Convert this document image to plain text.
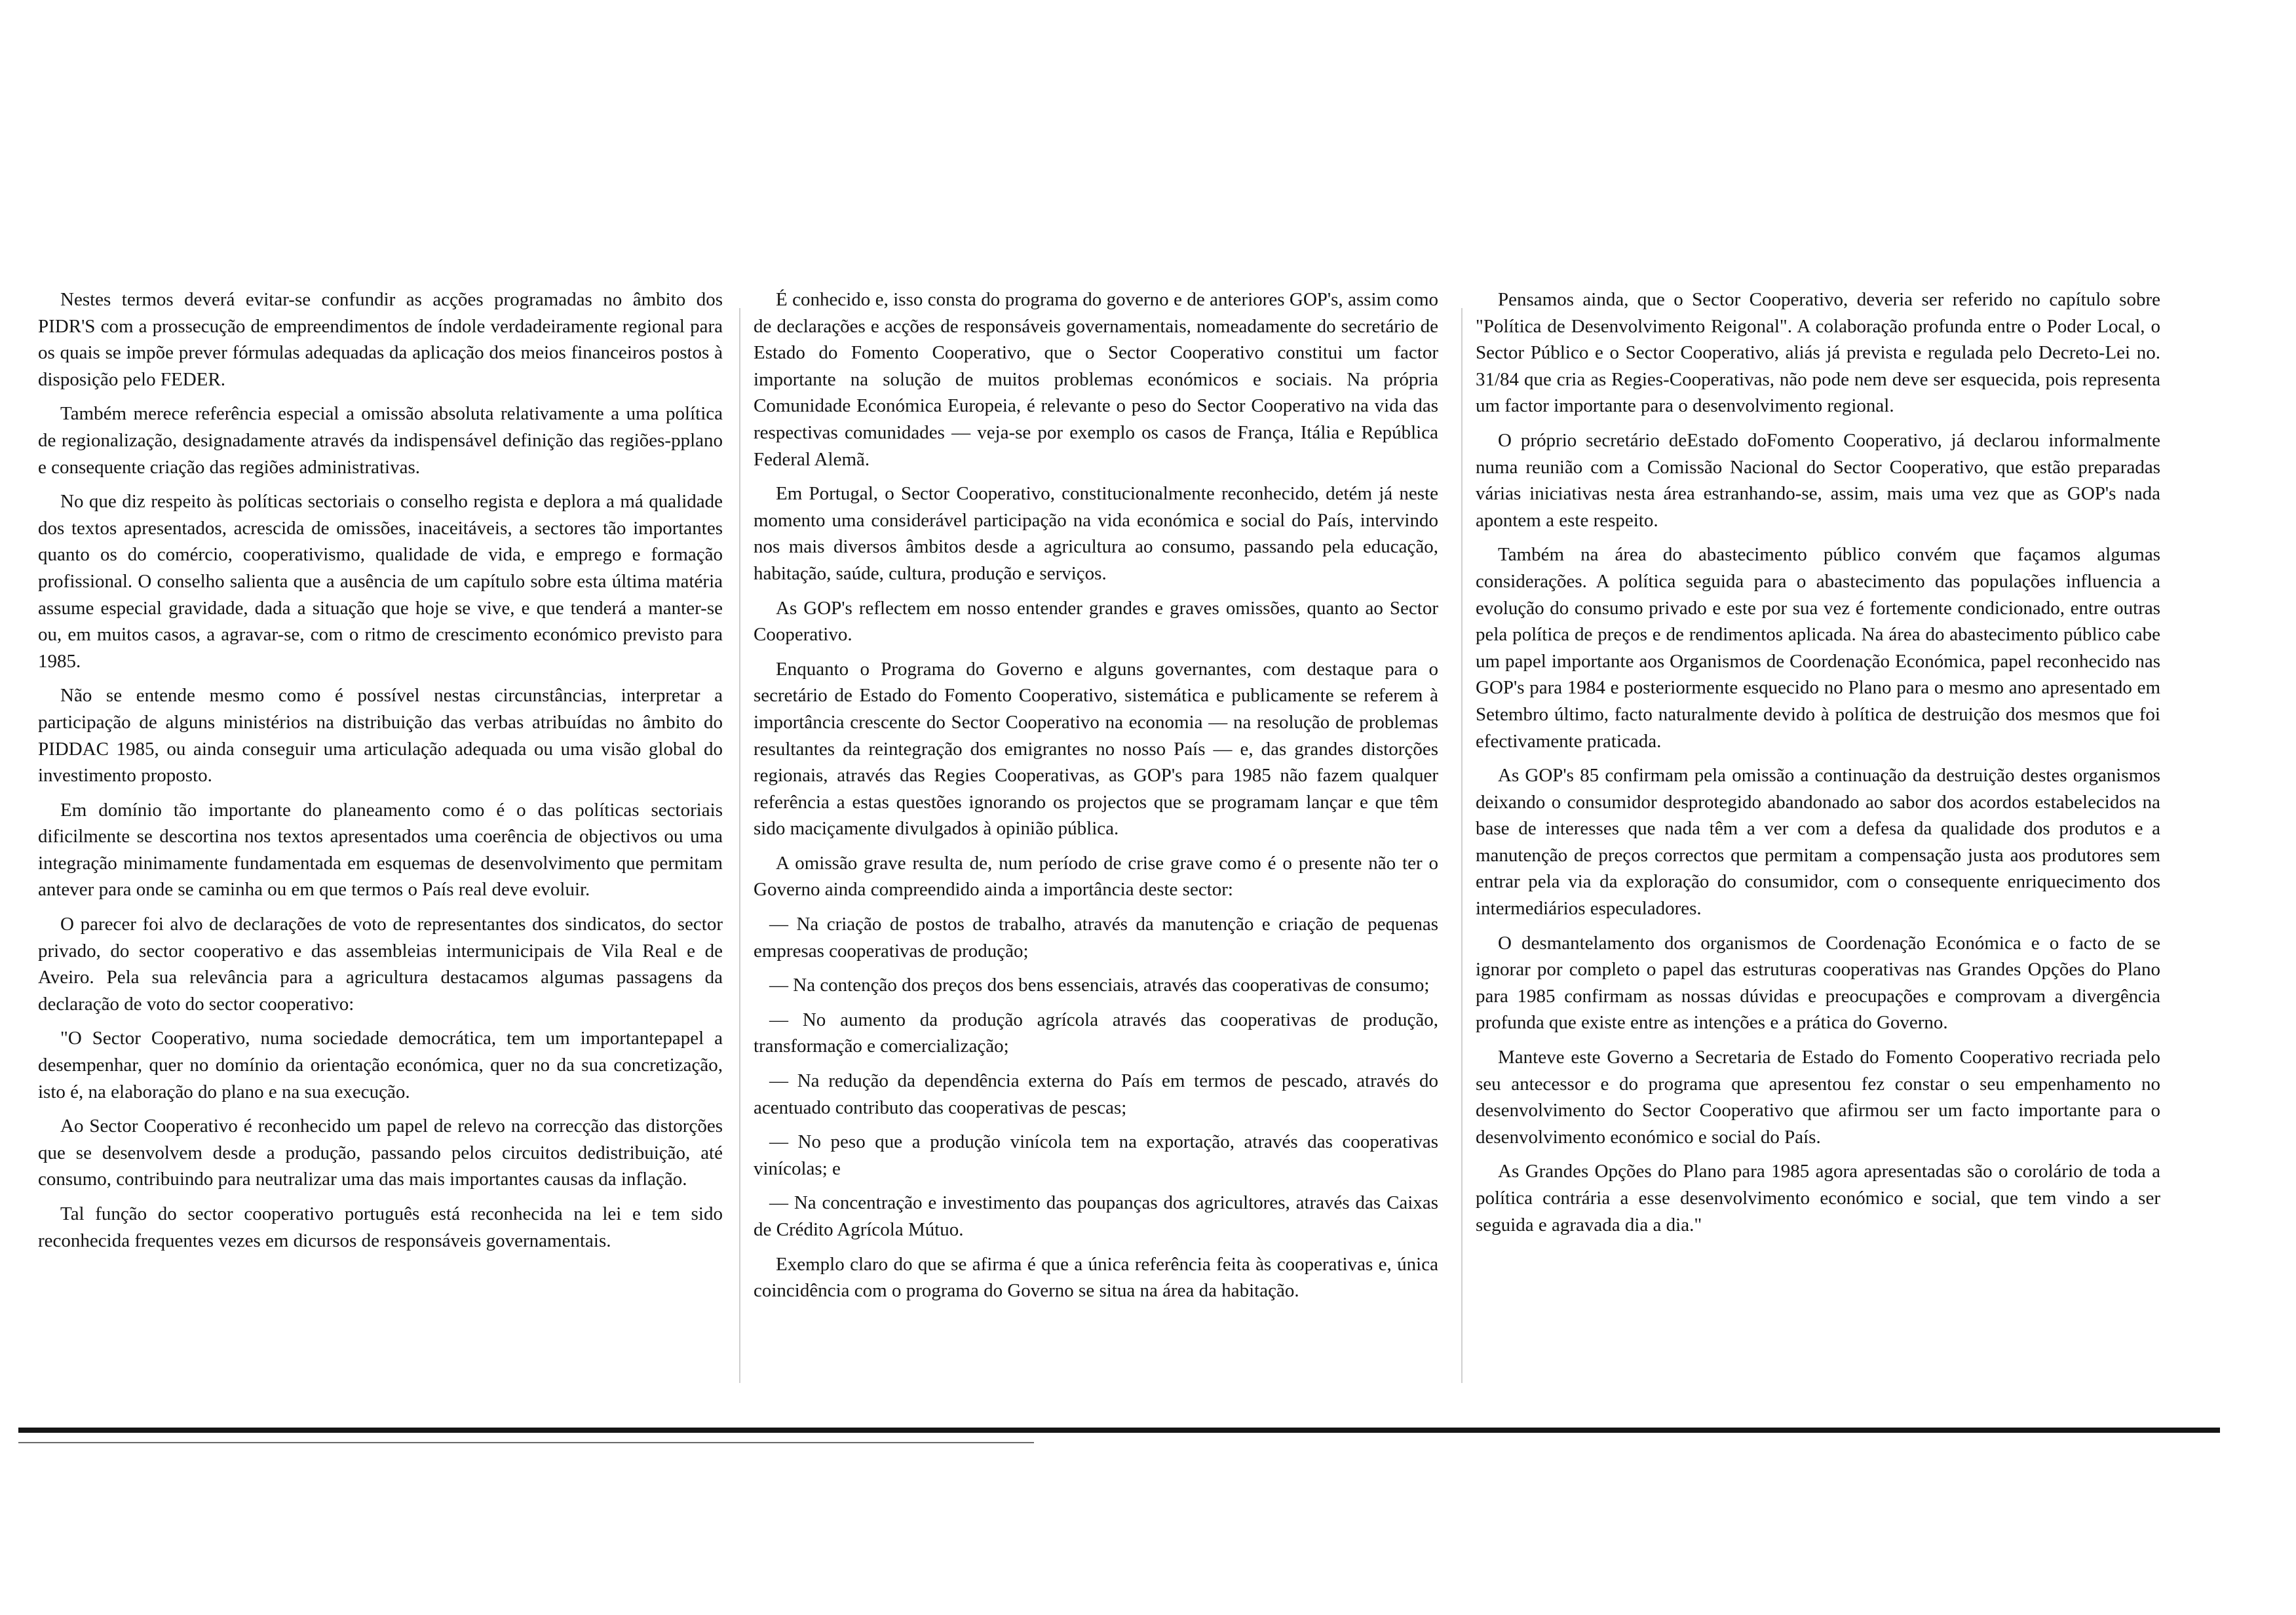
Nestes termos deverá evitar-se confundir as acções programadas no âmbito dos PIDR'S com a prossecução de empreendimentos de índole verdadeiramente regional para os quais se impõe prever fórmulas adequadas da aplicação dos meios financeiros postos à disposição pelo FEDER.

Também merece referência especial a omissão absoluta relativamente a uma política de regionalização, designadamente através da indispensável definição das regiões-pplano e consequente criação das regiões administrativas.

No que diz respeito às políticas sectoriais o conselho regista e deplora a má qualidade dos textos apresentados, acrescida de omissões, inaceitáveis, a sectores tão importantes quanto os do comércio, cooperativismo, qualidade de vida, e emprego e formação profissional. O conselho salienta que a ausência de um capítulo sobre esta última matéria assume especial gravidade, dada a situação que hoje se vive, e que tenderá a manter-se ou, em muitos casos, a agravar-se, com o ritmo de crescimento económico previsto para 1985.

Não se entende mesmo como é possível nestas circunstâncias, interpretar a participação de alguns ministérios na distribuição das verbas atribuídas no âmbito do PIDDAC 1985, ou ainda conseguir uma articulação adequada ou uma visão global do investimento proposto.

Em domínio tão importante do planeamento como é o das políticas sectoriais dificilmente se descortina nos textos apresentados uma coerência de objectivos ou uma integração minimamente fundamentada em esquemas de desenvolvimento que permitam antever para onde se caminha ou em que termos o País real deve evoluir.

O parecer foi alvo de declarações de voto de representantes dos sindicatos, do sector privado, do sector cooperativo e das assembleias intermunicipais de Vila Real e de Aveiro. Pela sua relevância para a agricultura destacamos algumas passagens da declaração de voto do sector cooperativo:

"O Sector Cooperativo, numa sociedade democrática, tem um importantepapel a desempenhar, quer no domínio da orientação económica, quer no da sua concretização, isto é, na elaboração do plano e na sua execução.

Ao Sector Cooperativo é reconhecido um papel de relevo na correcção das distorções que se desenvolvem desde a produção, passando pelos circuitos dedistribuição, até consumo, contribuindo para neutralizar uma das mais importantes causas da inflação.

Tal função do sector cooperativo português está reconhecida na lei e tem sido reconhecida frequentes vezes em dicursos de responsáveis governamentais.

É conhecido e, isso consta do programa do governo e de anteriores GOP's, assim como de declarações e acções de responsáveis governamentais, nomeadamente do secretário de Estado do Fomento Cooperativo, que o Sector Cooperativo constitui um factor importante na solução de muitos problemas económicos e sociais. Na própria Comunidade Económica Europeia, é relevante o peso do Sector Cooperativo na vida das respectivas comunidades — veja-se por exemplo os casos de França, Itália e República Federal Alemã.

Em Portugal, o Sector Cooperativo, constitucionalmente reconhecido, detém já neste momento uma considerável participação na vida económica e social do País, intervindo nos mais diversos âmbitos desde a agricultura ao consumo, passando pela educação, habitação, saúde, cultura, produção e serviços.

As GOP's reflectem em nosso entender grandes e graves omissões, quanto ao Sector Cooperativo.

Enquanto o Programa do Governo e alguns governantes, com destaque para o secretário de Estado do Fomento Cooperativo, sistemática e publicamente se referem à importância crescente do Sector Cooperativo na economia — na resolução de problemas resultantes da reintegração dos emigrantes no nosso País — e, das grandes distorções regionais, através das Regies Cooperativas, as GOP's para 1985 não fazem qualquer referência a estas questões ignorando os projectos que se programam lançar e que têm sido maciçamente divulgados à opinião pública.

A omissão grave resulta de, num período de crise grave como é o presente não ter o Governo ainda compreendido ainda a importância deste sector:

— Na criação de postos de trabalho, através da manutenção e criação de pequenas empresas cooperativas de produção;

— Na contenção dos preços dos bens essenciais, através das cooperativas de consumo;

— No aumento da produção agrícola através das cooperativas de produção, transformação e comercialização;

— Na redução da dependência externa do País em termos de pescado, através do acentuado contributo das cooperativas de pescas;

— No peso que a produção vinícola tem na exportação, através das cooperativas vinícolas; e

— Na concentração e investimento das poupanças dos agricultores, através das Caixas de Crédito Agrícola Mútuo.

Exemplo claro do que se afirma é que a única referência feita às cooperativas e, única coincidência com o programa do Governo se situa na área da habitação.

Pensamos ainda, que o Sector Cooperativo, deveria ser referido no capítulo sobre "Política de Desenvolvimento Reigonal". A colaboração profunda entre o Poder Local, o Sector Público e o Sector Cooperativo, aliás já prevista e regulada pelo Decreto-Lei no. 31/84 que cria as Regies-Cooperativas, não pode nem deve ser esquecida, pois representa um factor importante para o desenvolvimento regional.

O próprio secretário deEstado doFomento Cooperativo, já declarou informalmente numa reunião com a Comissão Nacional do Sector Cooperativo, que estão preparadas várias iniciativas nesta área estranhando-se, assim, mais uma vez que as GOP's nada apontem a este respeito.

Também na área do abastecimento público convém que façamos algumas considerações. A política seguida para o abastecimento das populações influencia a evolução do consumo privado e este por sua vez é fortemente condicionado, entre outras pela política de preços e de rendimentos aplicada. Na área do abastecimento público cabe um papel importante aos Organismos de Coordenação Económica, papel reconhecido nas GOP's para 1984 e posteriormente esquecido no Plano para o mesmo ano apresentado em Setembro último, facto naturalmente devido à política de destruição dos mesmos que foi efectivamente praticada.

As GOP's 85 confirmam pela omissão a continuação da destruição destes organismos deixando o consumidor desprotegido abandonado ao sabor dos acordos estabelecidos na base de interesses que nada têm a ver com a defesa da qualidade dos produtos e a manutenção de preços correctos que permitam a compensação justa aos produtores sem entrar pela via da exploração do consumidor, com o consequente enriquecimento dos intermediários especuladores.

O desmantelamento dos organismos de Coordenação Económica e o facto de se ignorar por completo o papel das estruturas cooperativas nas Grandes Opções do Plano para 1985 confirmam as nossas dúvidas e preocupações e comprovam a divergência profunda que existe entre as intenções e a prática do Governo.

Manteve este Governo a Secretaria de Estado do Fomento Cooperativo recriada pelo seu antecessor e do programa que apresentou fez constar o seu empenhamento no desenvolvimento do Sector Cooperativo que afirmou ser um facto importante para o desenvolvimento económico e social do País.

As Grandes Opções do Plano para 1985 agora apresentadas são o corolário de toda a política contrária a esse desenvolvimento económico e social, que tem vindo a ser seguida e agravada dia a dia."
